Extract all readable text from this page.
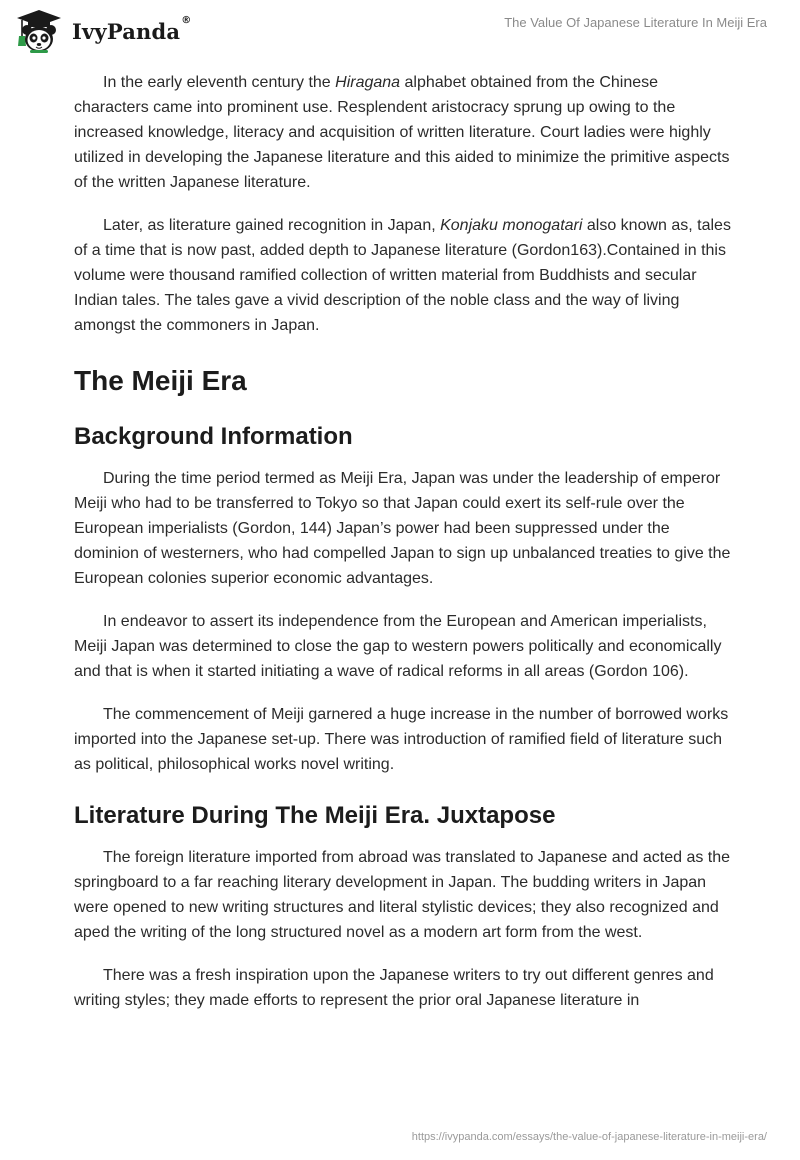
IvyPanda®	The Value Of Japanese Literature In Meiji Era

In the early eleventh century the Hiragana alphabet obtained from the Chinese characters came into prominent use. Resplendent aristocracy sprung up owing to the increased knowledge, literacy and acquisition of written literature. Court ladies were highly utilized in developing the Japanese literature and this aided to minimize the primitive aspects of the written Japanese literature.

Later, as literature gained recognition in Japan, Konjaku monogatari also known as, tales of a time that is now past, added depth to Japanese literature (Gordon163).Contained in this volume were thousand ramified collection of written material from Buddhists and secular Indian tales. The tales gave a vivid description of the noble class and the way of living amongst the commoners in Japan.

The Meiji Era
Background Information

During the time period termed as Meiji Era, Japan was under the leadership of emperor Meiji who had to be transferred to Tokyo so that Japan could exert its self-rule over the European imperialists (Gordon, 144) Japan’s power had been suppressed under the dominion of westerners, who had compelled Japan to sign up unbalanced treaties to give the European colonies superior economic advantages.

In endeavor to assert its independence from the European and American imperialists, Meiji Japan was determined to close the gap to western powers politically and economically and that is when it started initiating a wave of radical reforms in all areas (Gordon 106).

The commencement of Meiji garnered a huge increase in the number of borrowed works imported into the Japanese set-up. There was introduction of ramified field of literature such as political, philosophical works novel writing.

Literature During The Meiji Era. Juxtapose

The foreign literature imported from abroad was translated to Japanese and acted as the springboard to a far reaching literary development in Japan. The budding writers in Japan were opened to new writing structures and literal stylistic devices; they also recognized and aped the writing of the long structured novel as a modern art form from the west.

There was a fresh inspiration upon the Japanese writers to try out different genres and writing styles; they made efforts to represent the prior oral Japanese literature in

https://ivypanda.com/essays/the-value-of-japanese-literature-in-meiji-era/
